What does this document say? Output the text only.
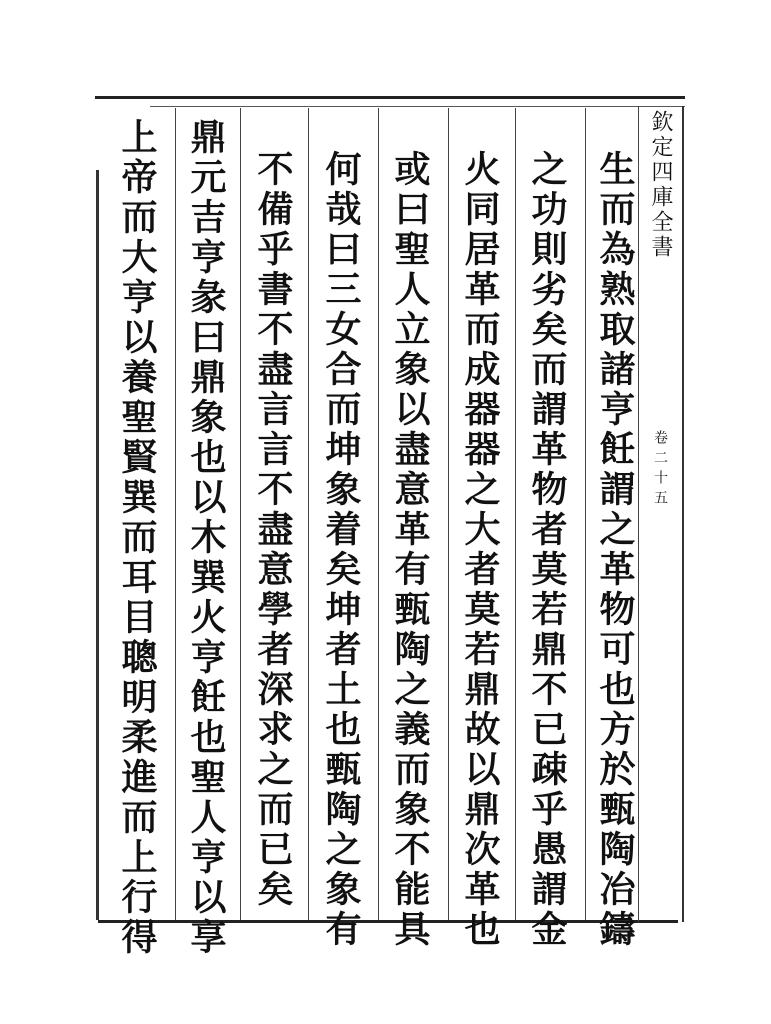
欽定四庫全書
卷二十五
生而為熟取諸亨飪謂之革物可也方於甄陶冶鑄
之功則劣矣而謂革物者莫若鼎不已疎乎愚謂金
火同居革而成器器之大者莫若鼎故以鼎次革也
或曰聖人立象以盡意革有甄陶之義而象不能具
何哉曰三女合而坤象着矣坤者土也甄陶之象有
不備乎書不盡言言不盡意學者深求之而已矣
鼎元吉亨彖曰鼎象也以木巽火亨飪也聖人亨以享
上帝而大亨以養聖賢巽而耳目聰明柔進而上行得
